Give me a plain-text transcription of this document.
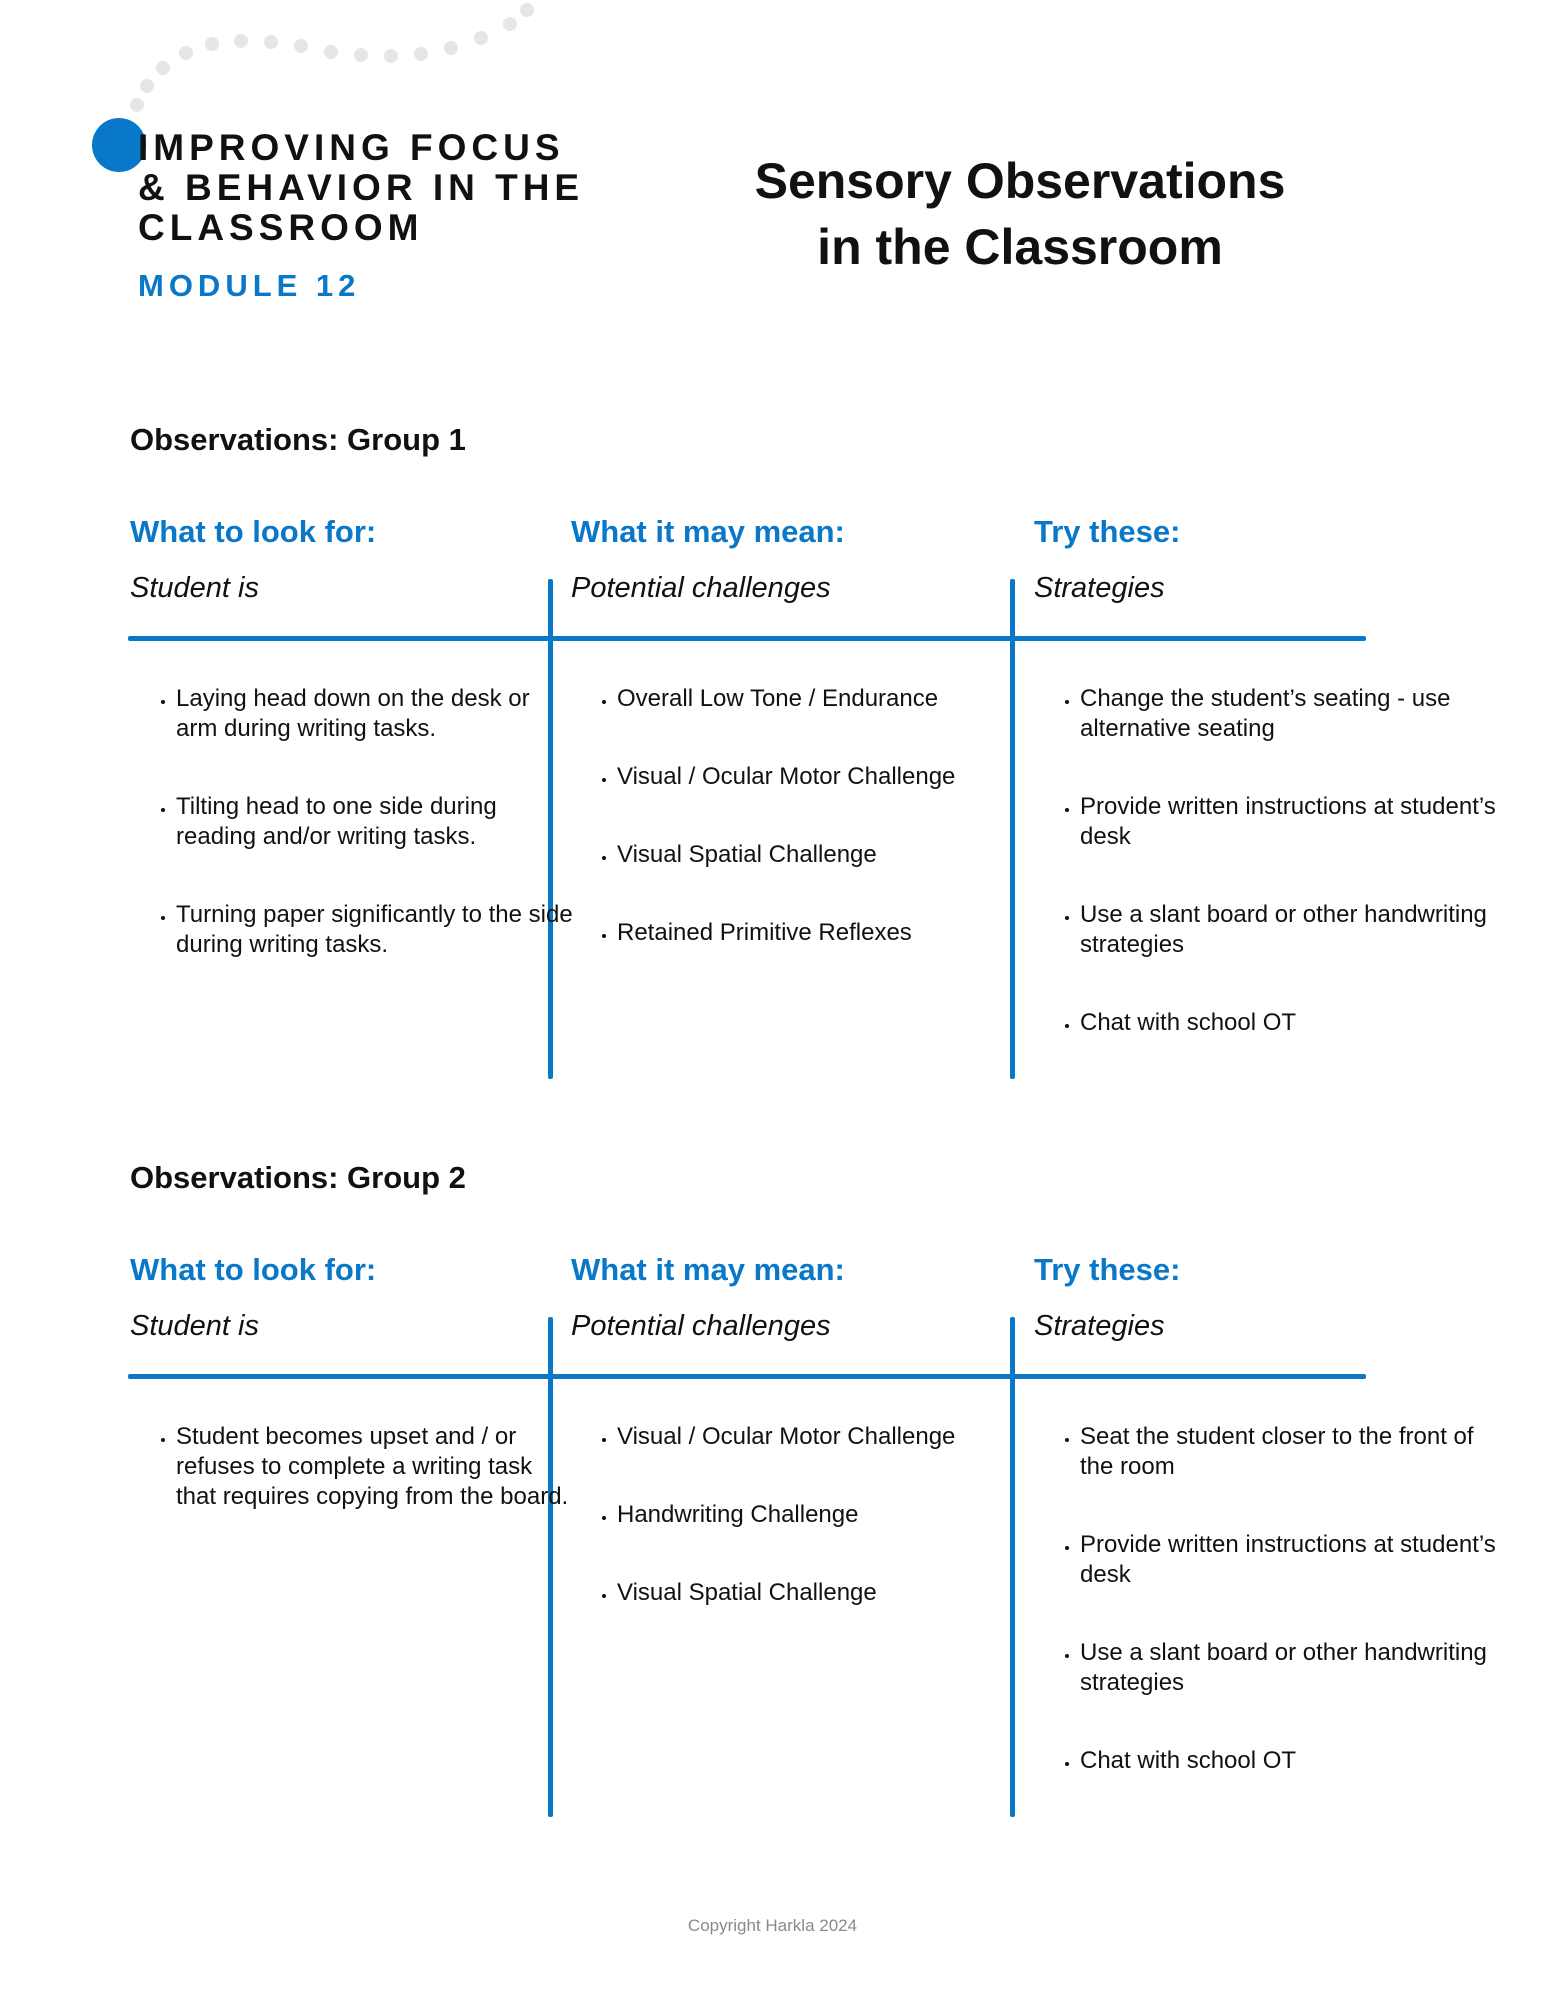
IMPROVING FOCUS
& BEHAVIOR IN THE
CLASSROOM
MODULE 12
Sensory Observations
in the Classroom
Observations: Group 1
What to look for:
Student is
• Laying head down on the desk or arm during writing tasks.
• Tilting head to one side during reading and/or writing tasks.
• Turning paper significantly to the side during writing tasks.
What it may mean:
Potential challenges
• Overall Low Tone / Endurance
• Visual / Ocular Motor Challenge
• Visual Spatial Challenge
• Retained Primitive Reflexes
Try these:
Strategies
• Change the student’s seating - use alternative seating
• Provide written instructions at student’s desk
• Use a slant board or other handwriting strategies
• Chat with school OT
Observations: Group 2
What to look for:
Student is
• Student becomes upset and / or refuses to complete a writing task that requires copying from the board.
What it may mean:
Potential challenges
• Visual / Ocular Motor Challenge
• Handwriting Challenge
• Visual Spatial Challenge
Try these:
Strategies
• Seat the student closer to the front of the room
• Provide written instructions at student’s desk
• Use a slant board or other handwriting strategies
• Chat with school OT
Copyright Harkla 2024
